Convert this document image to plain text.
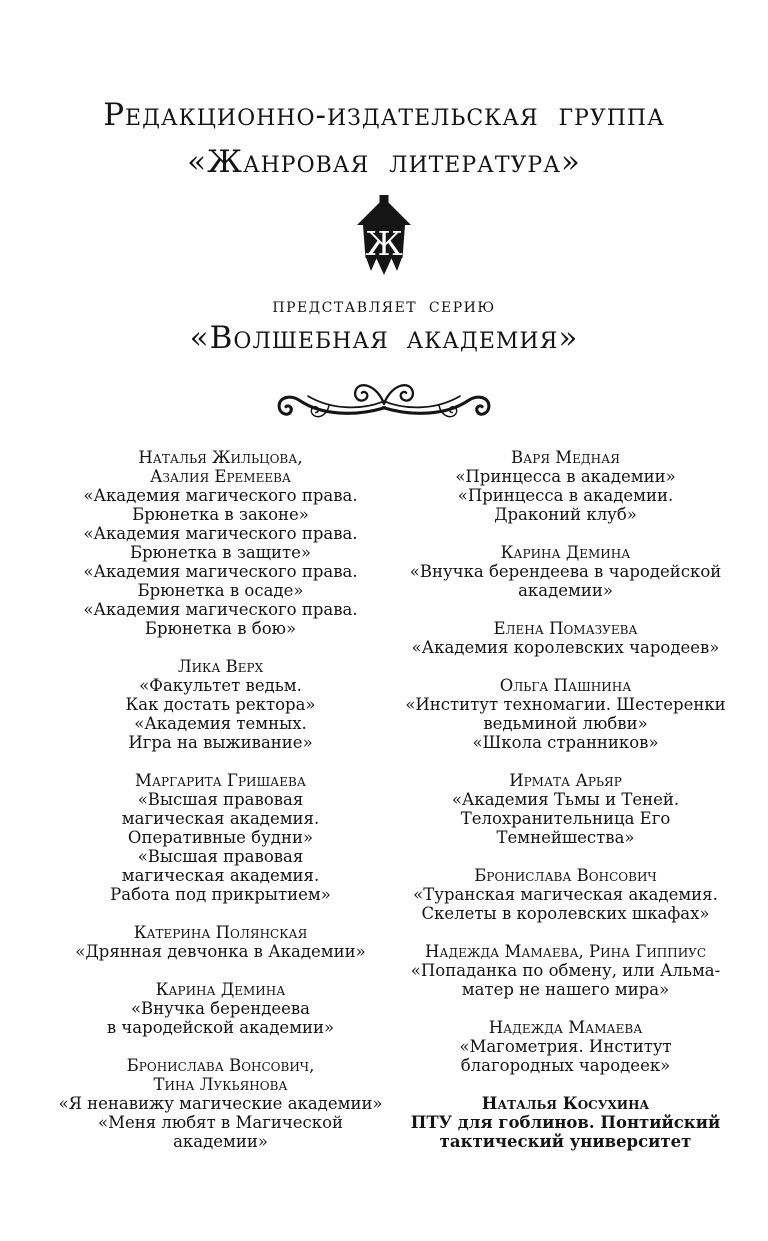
Редакционно-издательская группа
«Жанровая литература»
Ж
представляет серию
«Волшебная академия»
Наталья Жильцова,
Азалия Еремеева
«Академия магического права.
Брюнетка в законе»
«Академия магического права.
Брюнетка в защите»
«Академия магического права.
Брюнетка в осаде»
«Академия магического права.
Брюнетка в бою»
Лика Верх
«Факультет ведьм.
Как достать ректора»
«Академия темных.
Игра на выживание»
Маргарита Гришаева
«Высшая правовая
магическая академия.
Оперативные будни»
«Высшая правовая
магическая академия.
Работа под прикрытием»
Катерина Полянская
«Дрянная девчонка в Академии»
Карина Демина
«Внучка берендеева
в чародейской академии»
Бронислава Вонсович,
Тина Лукьянова
«Я ненавижу магические академии»
«Меня любят в Магической
академии»
Варя Медная
«Принцесса в академии»
«Принцесса в академии.
Драконий клуб»
Карина Демина
«Внучка берендеева в чародейской
академии»
Елена Помазуева
«Академия королевских чародеев»
Ольга Пашнина
«Институт техномагии. Шестеренки
ведьминой любви»
«Школа странников»
Ирмата Арьяр
«Академия Тьмы и Теней.
Телохранительница Его
Темнейшества»
Бронислава Вонсович
«Туранская магическая академия.
Скелеты в королевских шкафах»
Надежда Мамаева, Рина Гиппиус
«Попаданка по обмену, или Альма-
матер не нашего мира»
Надежда Мамаева
«Магометрия. Институт
благородных чародеек»
Наталья Косухина
ПТУ для гоблинов. Понтийский
тактический университет
